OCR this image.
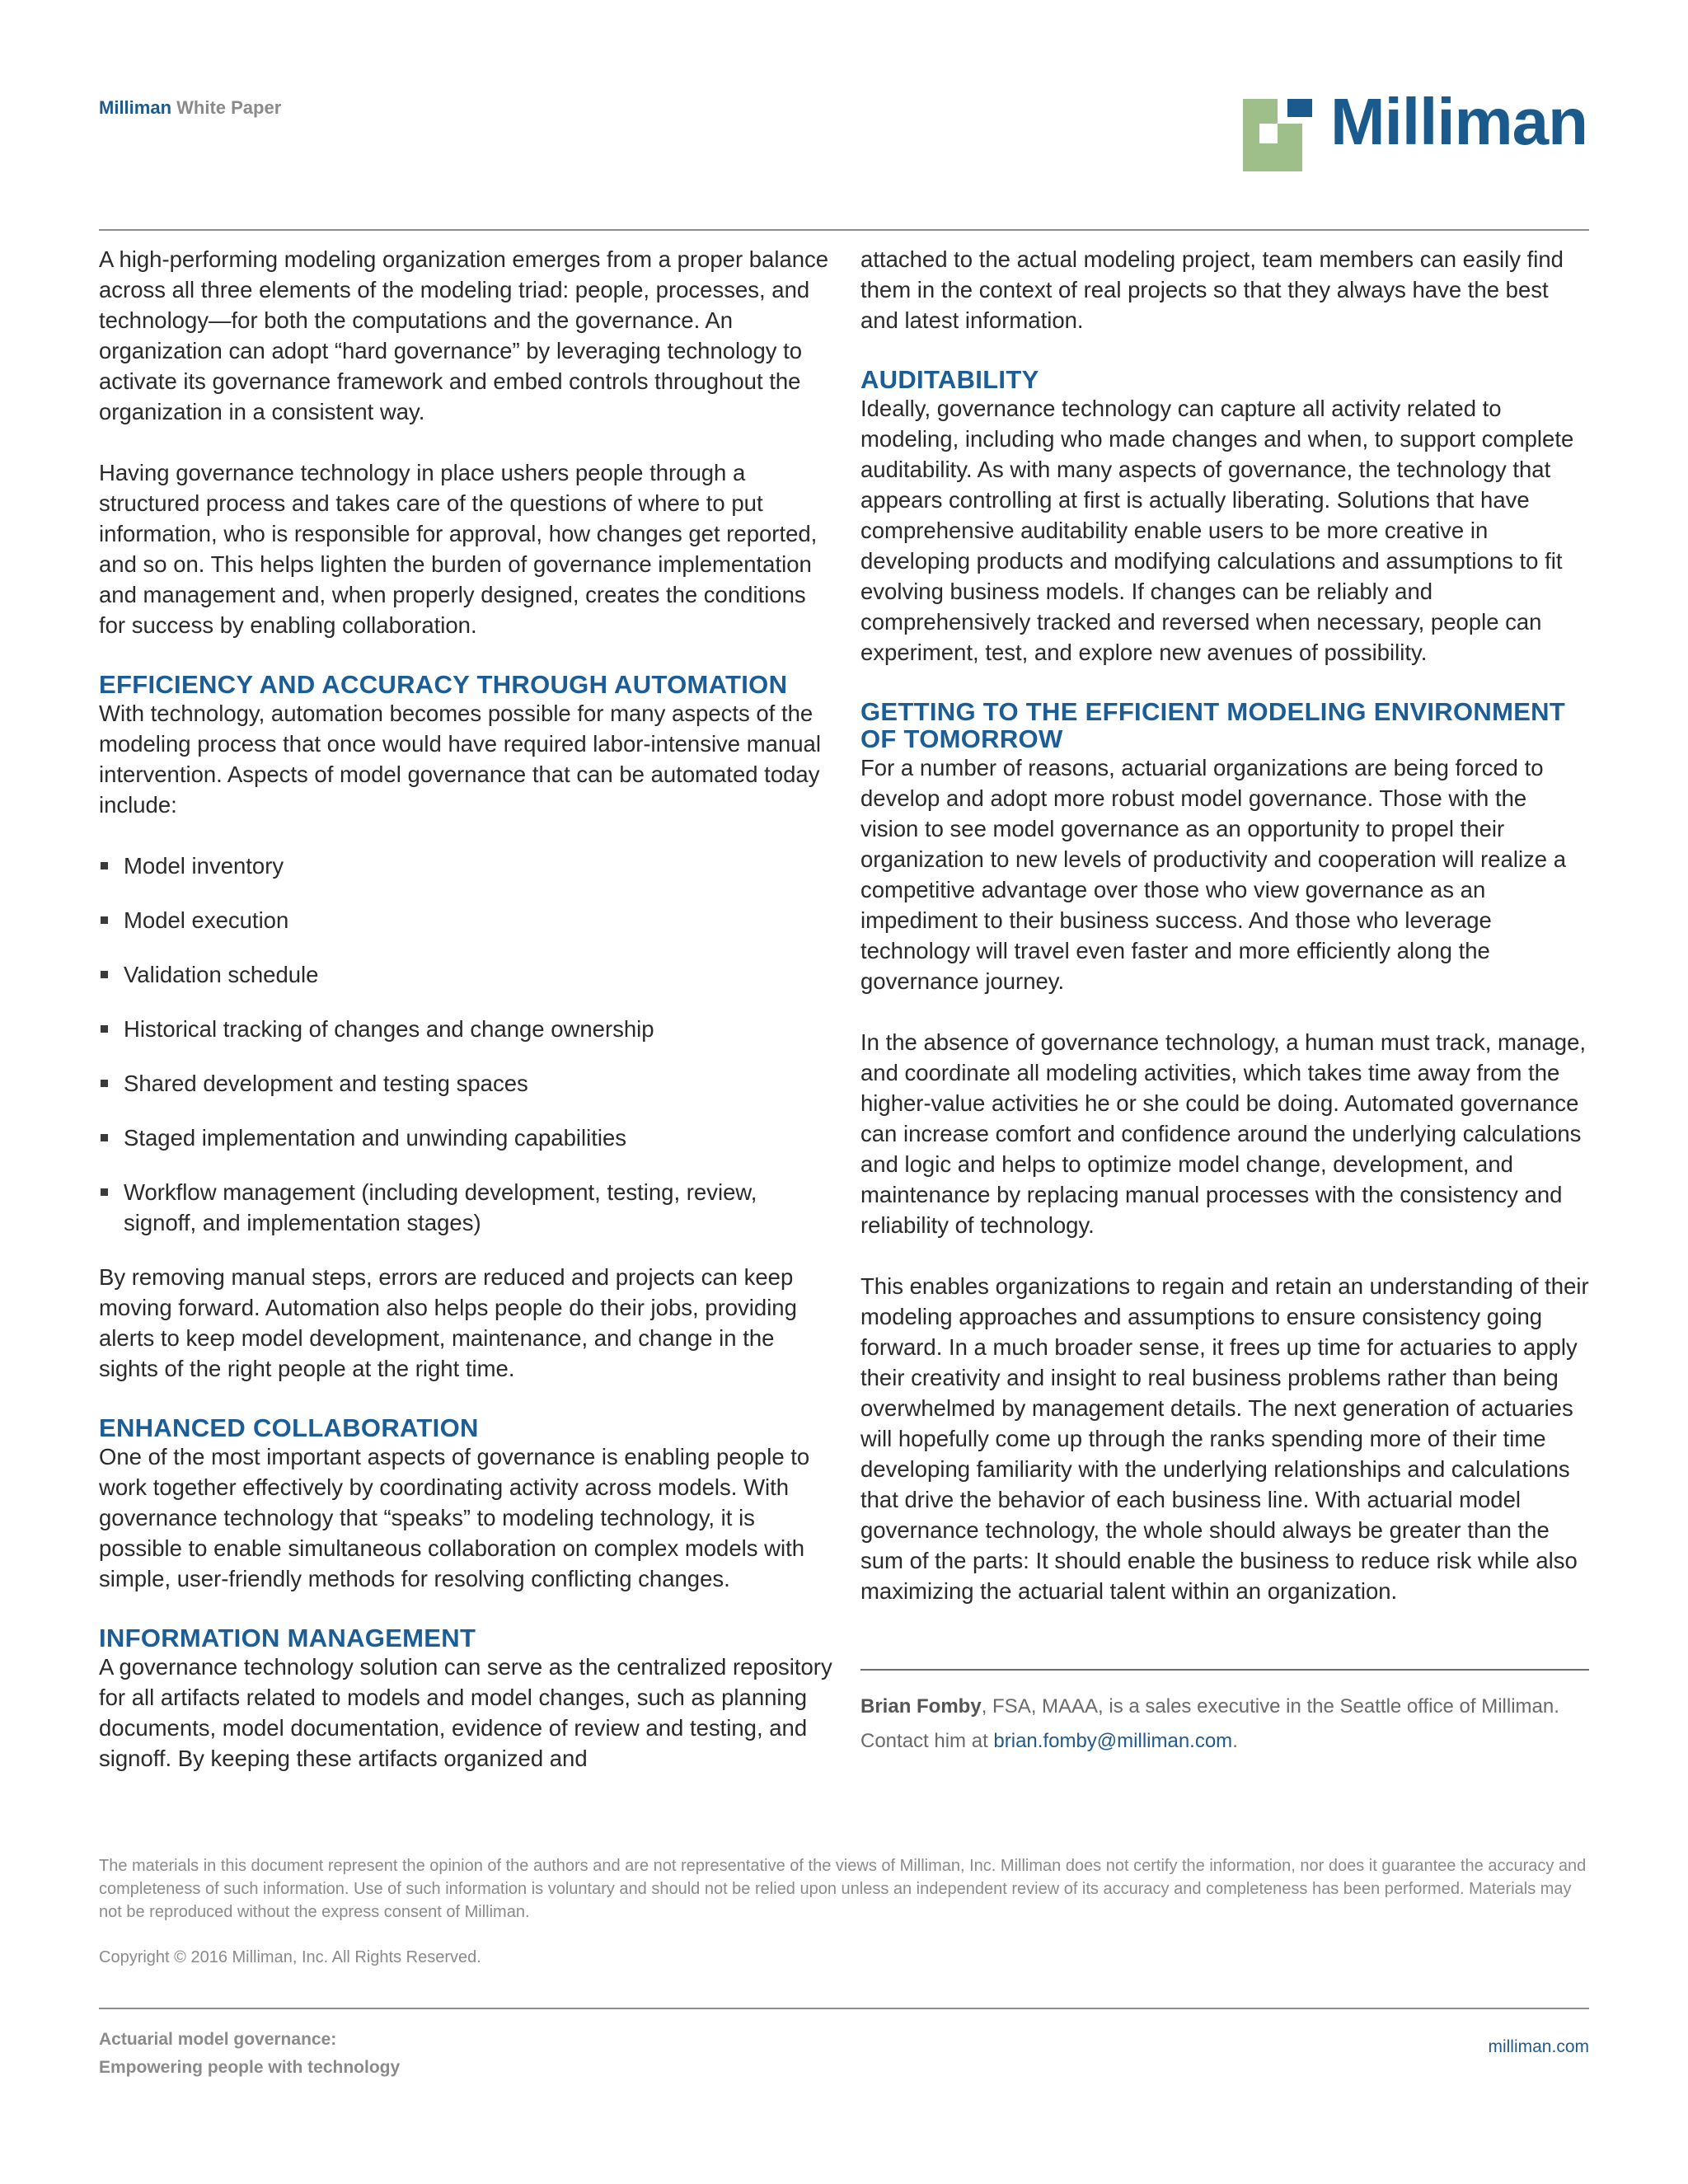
Milliman White Paper	Milliman

A high-performing modeling organization emerges from a proper balance across all three elements of the modeling triad: people, processes, and technology—for both the computations and the governance. An organization can adopt “hard governance” by leveraging technology to activate its governance framework and embed controls throughout the organization in a consistent way.

Having governance technology in place ushers people through a structured process and takes care of the questions of where to put information, who is responsible for approval, how changes get reported, and so on. This helps lighten the burden of governance implementation and management and, when properly designed, creates the conditions for success by enabling collaboration.

EFFICIENCY AND ACCURACY THROUGH AUTOMATION

With technology, automation becomes possible for many aspects of the modeling process that once would have required labor-intensive manual intervention. Aspects of model governance that can be automated today include:

Model inventory
Model execution
Validation schedule
Historical tracking of changes and change ownership
Shared development and testing spaces
Staged implementation and unwinding capabilities
Workflow management (including development, testing, review, signoff, and implementation stages)

By removing manual steps, errors are reduced and projects can keep moving forward. Automation also helps people do their jobs, providing alerts to keep model development, maintenance, and change in the sights of the right people at the right time.

ENHANCED COLLABORATION

One of the most important aspects of governance is enabling people to work together effectively by coordinating activity across models. With governance technology that “speaks” to modeling technology, it is possible to enable simultaneous collaboration on complex models with simple, user-friendly methods for resolving conflicting changes.

INFORMATION MANAGEMENT

A governance technology solution can serve as the centralized repository for all artifacts related to models and model changes, such as planning documents, model documentation, evidence of review and testing, and signoff. By keeping these artifacts organized and

attached to the actual modeling project, team members can easily find them in the context of real projects so that they always have the best and latest information.

AUDITABILITY

Ideally, governance technology can capture all activity related to modeling, including who made changes and when, to support complete auditability. As with many aspects of governance, the technology that appears controlling at first is actually liberating. Solutions that have comprehensive auditability enable users to be more creative in developing products and modifying calculations and assumptions to fit evolving business models. If changes can be reliably and comprehensively tracked and reversed when necessary, people can experiment, test, and explore new avenues of possibility.

GETTING TO THE EFFICIENT MODELING ENVIRONMENT OF TOMORROW

For a number of reasons, actuarial organizations are being forced to develop and adopt more robust model governance. Those with the vision to see model governance as an opportunity to propel their organization to new levels of productivity and cooperation will realize a competitive advantage over those who view governance as an impediment to their business success. And those who leverage technology will travel even faster and more efficiently along the governance journey.

In the absence of governance technology, a human must track, manage, and coordinate all modeling activities, which takes time away from the higher-value activities he or she could be doing. Automated governance can increase comfort and confidence around the underlying calculations and logic and helps to optimize model change, development, and maintenance by replacing manual processes with the consistency and reliability of technology.

This enables organizations to regain and retain an understanding of their modeling approaches and assumptions to ensure consistency going forward. In a much broader sense, it frees up time for actuaries to apply their creativity and insight to real business problems rather than being overwhelmed by management details. The next generation of actuaries will hopefully come up through the ranks spending more of their time developing familiarity with the underlying relationships and calculations that drive the behavior of each business line. With actuarial model governance technology, the whole should always be greater than the sum of the parts: It should enable the business to reduce risk while also maximizing the actuarial talent within an organization.

Brian Fomby, FSA, MAAA, is a sales executive in the Seattle office of Milliman. Contact him at brian.fomby@milliman.com.
The materials in this document represent the opinion of the authors and are not representative of the views of Milliman, Inc. Milliman does not certify the information, nor does it guarantee the accuracy and completeness of such information. Use of such information is voluntary and should not be relied upon unless an independent review of its accuracy and completeness has been performed. Materials may not be reproduced without the express consent of Milliman.
Copyright © 2016 Milliman, Inc. All Rights Reserved.
Actuarial model governance:
Empowering people with technology
milliman.com
